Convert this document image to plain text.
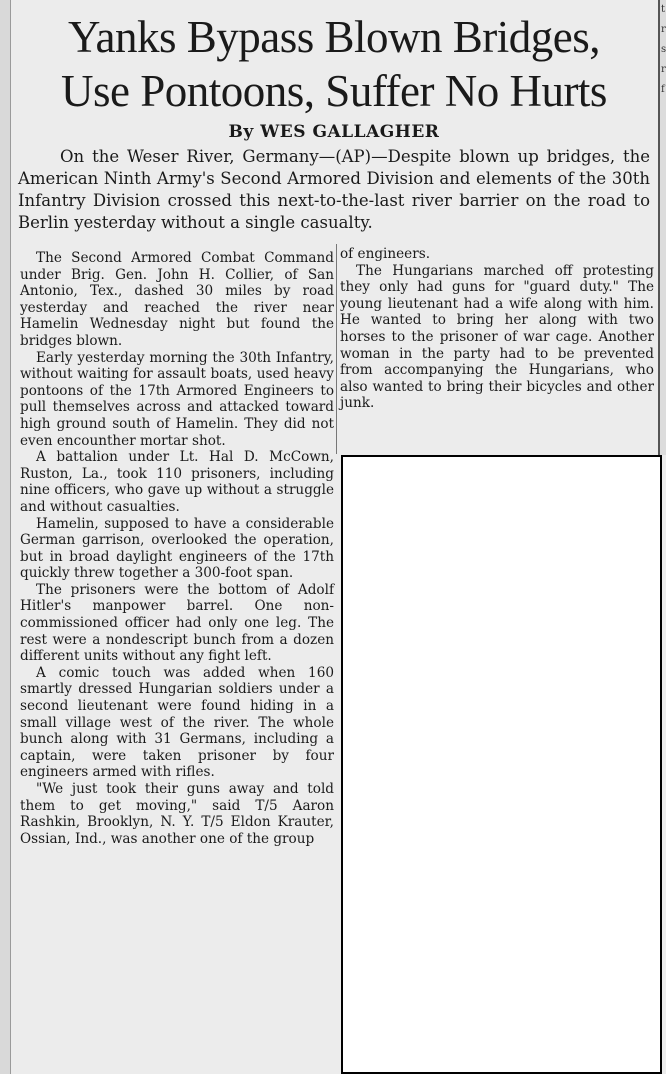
t
r
s
r
f
Yanks Bypass Blown Bridges,
Use Pontoons, Suffer No Hurts
By WES GALLAGHER

On the Weser River, Germany—(AP)—Despite blown up bridges, the American Ninth Army's Second Armored Division and elements of the 30th Infantry Division crossed this next-to-the-last river barrier on the road to Berlin yesterday without a single casualty.

The Second Armored Combat Command under Brig. Gen. John H. Collier, of San Antonio, Tex., dashed 30 miles by road yesterday and reached the river near Hamelin Wednesday night but found the bridges blown.

Early yesterday morning the 30th Infantry, without waiting for assault boats, used heavy pontoons of the 17th Armored Engineers to pull themselves across and attacked toward high ground south of Hamelin. They did not even encounther mortar shot.

A battalion under Lt. Hal D. McCown, Ruston, La., took 110 prisoners, including nine officers, who gave up without a struggle and without casualties.

Hamelin, supposed to have a considerable German garrison, overlooked the operation, but in broad daylight engineers of the 17th quickly threw together a 300-foot span.

The prisoners were the bottom of Adolf Hitler's manpower barrel. One non-commissioned officer had only one leg. The rest were a nondescript bunch from a dozen different units without any fight left.

A comic touch was added when 160 smartly dressed Hungarian soldiers under a second lieutenant were found hiding in a small village west of the river. The whole bunch along with 31 Germans, including a captain, were taken prisoner by four engineers armed with rifles.

"We just took their guns away and told them to get moving," said T/5 Aaron Rashkin, Brooklyn, N. Y. T/5 Eldon Krauter, Ossian, Ind., was another one of the group

of engineers.

The Hungarians marched off protesting they only had guns for "guard duty." The young lieutenant had a wife along with him. He wanted to bring her along with two horses to the prisoner of war cage. Another woman in the party had to be prevented from accompanying the Hungarians, who also wanted to bring their bicycles and other junk.
